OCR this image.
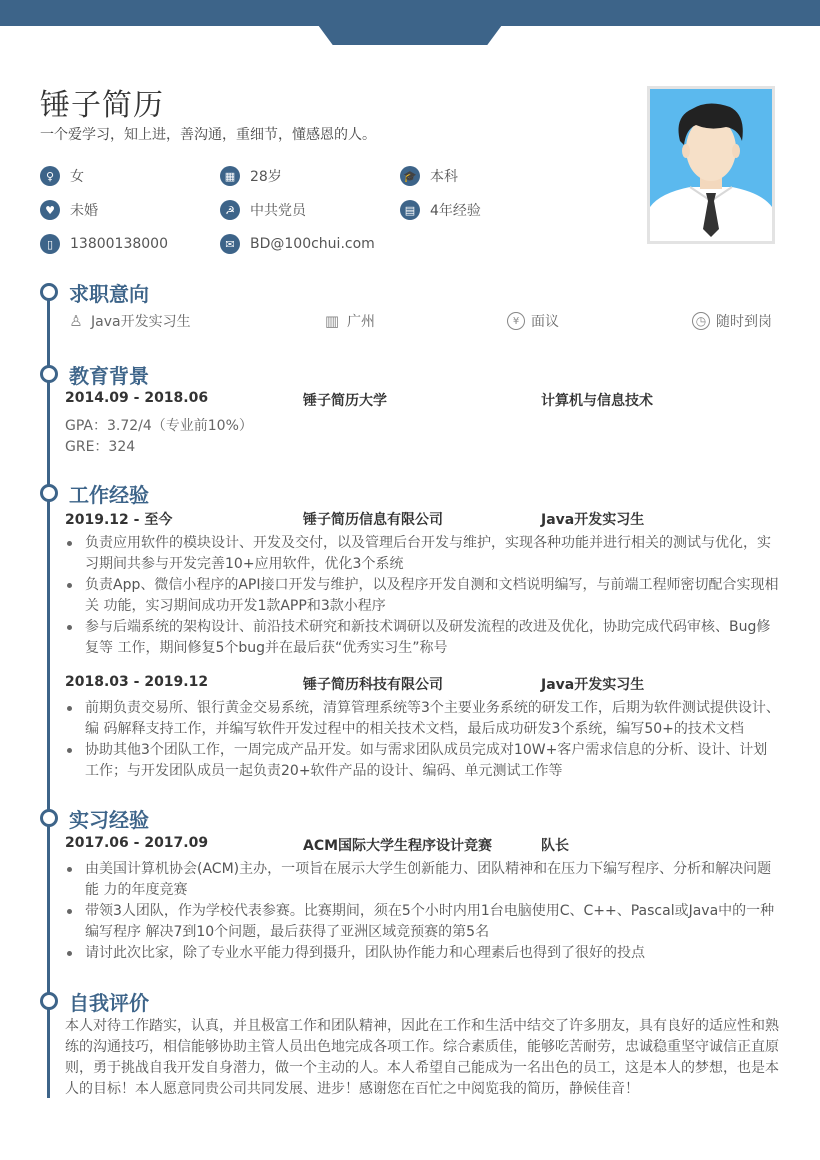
锤子简历
一个爱学习，知上进，善沟通，重细节，懂感恩的人。
♀	女	▦	28岁	🎓 本科
♥	未婚	☭	中共党员	▤	4年经验
▯	13800138000	✉	BD@100chui.com
求职意向
♙ Java开发实习生	▥ 广州	¥ 面议	◷ 随时到岗
教育背景
2014.09 - 2018.06	锤子简历大学	计算机与信息技术
GPA：3.72/4（专业前10%）
GRE：324
工作经验
2019.12 - 至今	锤子简历信息有限公司	Java开发实习生
负责应用软件的模块设计、开发及交付，以及管理后台开发与维护，实现各种功能并进行相关的测试与优化，实习期间共参与开发完善10+应用软件，优化3个系统
负责App、微信小程序的API接口开发与维护，以及程序开发自测和文档说明编写，与前端工程师密切配合实现相关 功能，实习期间成功开发1款APP和3款小程序
参与后端系统的架构设计、前沿技术研究和新技术调研以及研发流程的改进及优化，协助完成代码审核、Bug修复等 工作，期间修复5个bug并在最后获“优秀实习生”称号
2018.03 - 2019.12	锤子简历科技有限公司	Java开发实习生
前期负责交易所、银行黄金交易系统，清算管理系统等3个主要业务系统的研发工作，后期为软件测试提供设计、编 码解释支持工作，并编写软件开发过程中的相关技术文档，最后成功研发3个系统，编写50+的技术文档
协助其他3个团队工作，一周完成产品开发。如与需求团队成员完成对10W+客户需求信息的分析、设计、计划工作；与开发团队成员一起负责20+软件产品的设计、编码、单元测试工作等
实习经验
2017.06 - 2017.09	ACM国际大学生程序设计竞赛	队长
由美国计算机协会(ACM)主办，一项旨在展示大学生创新能力、团队精神和在压力下编写程序、分析和解决问题能 力的年度竞赛
带领3人团队，作为学校代表参赛。比赛期间，须在5个小时内用1台电脑使用C、C++、Pascal或Java中的一种编写程序 解决7到10个问题，最后获得了亚洲区域竞预赛的第5名
请讨此次比家，除了专业水平能力得到摄升，团队协作能力和心理素后也得到了很好的投点
自我评价
本人对待工作踏实，认真，并且极富工作和团队精神，因此在工作和生活中结交了许多朋友，具有良好的适应性和熟练的沟通技巧，相信能够协助主管人员出色地完成各项工作。综合素质佳，能够吃苦耐劳，忠诚稳重坚守诚信正直原则，勇于挑战自我开发自身潜力，做一个主动的人。本人希望自己能成为一名出色的员工，这是本人的梦想，也是本人的目标！本人愿意同贵公司共同发展、进步！感谢您在百忙之中阅览我的简历，静候佳音！
